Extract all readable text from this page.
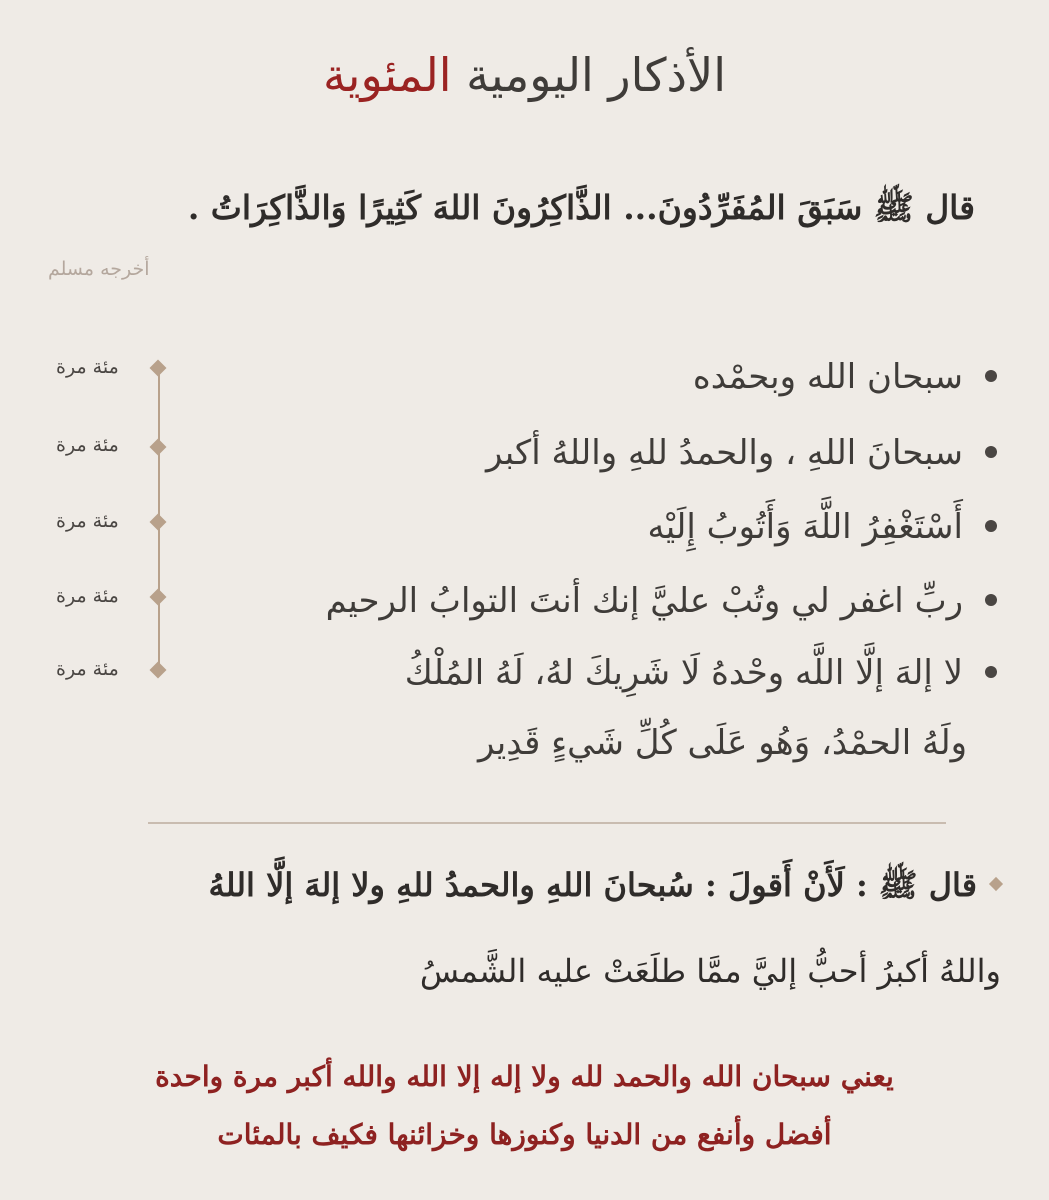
الأذكار اليومية المئوية
قال ﷺ سَبَقَ المُفَرِّدُونَ... الذَّاكِرُونَ اللهَ كَثِيرًا وَالذَّاكِرَاتُ .
أخرجه مسلم
مئة مرة
مئة مرة
مئة مرة
مئة مرة
مئة مرة
سبحان الله وبحمْده
سبحانَ اللهِ ، والحمدُ للهِ واللهُ أكبر
أَسْتَغْفِرُ اللَّهَ وَأَتُوبُ إِلَيْه
ربِّ اغفر لي وتُبْ عليَّ إنك أنتَ التوابُ الرحيم
لا إلهَ إلَّا اللَّه وحْدهُ لَا شَرِيكَ لهُ، لَهُ المُلْكُ
ولَهُ الحمْدُ، وَهُو عَلَى كُلِّ شَيءٍ قَدِير
قال ﷺ : لَأَنْ أَقولَ : سُبحانَ اللهِ والحمدُ للهِ ولا إلهَ إلَّا اللهُ
واللهُ أكبرُ أحبُّ إليَّ ممَّا طلَعَتْ عليه الشَّمسُ
يعني سبحان الله والحمد لله ولا إله إلا الله والله أكبر مرة واحدة
أفضل وأنفع من الدنيا وكنوزها وخزائنها فكيف بالمئات
